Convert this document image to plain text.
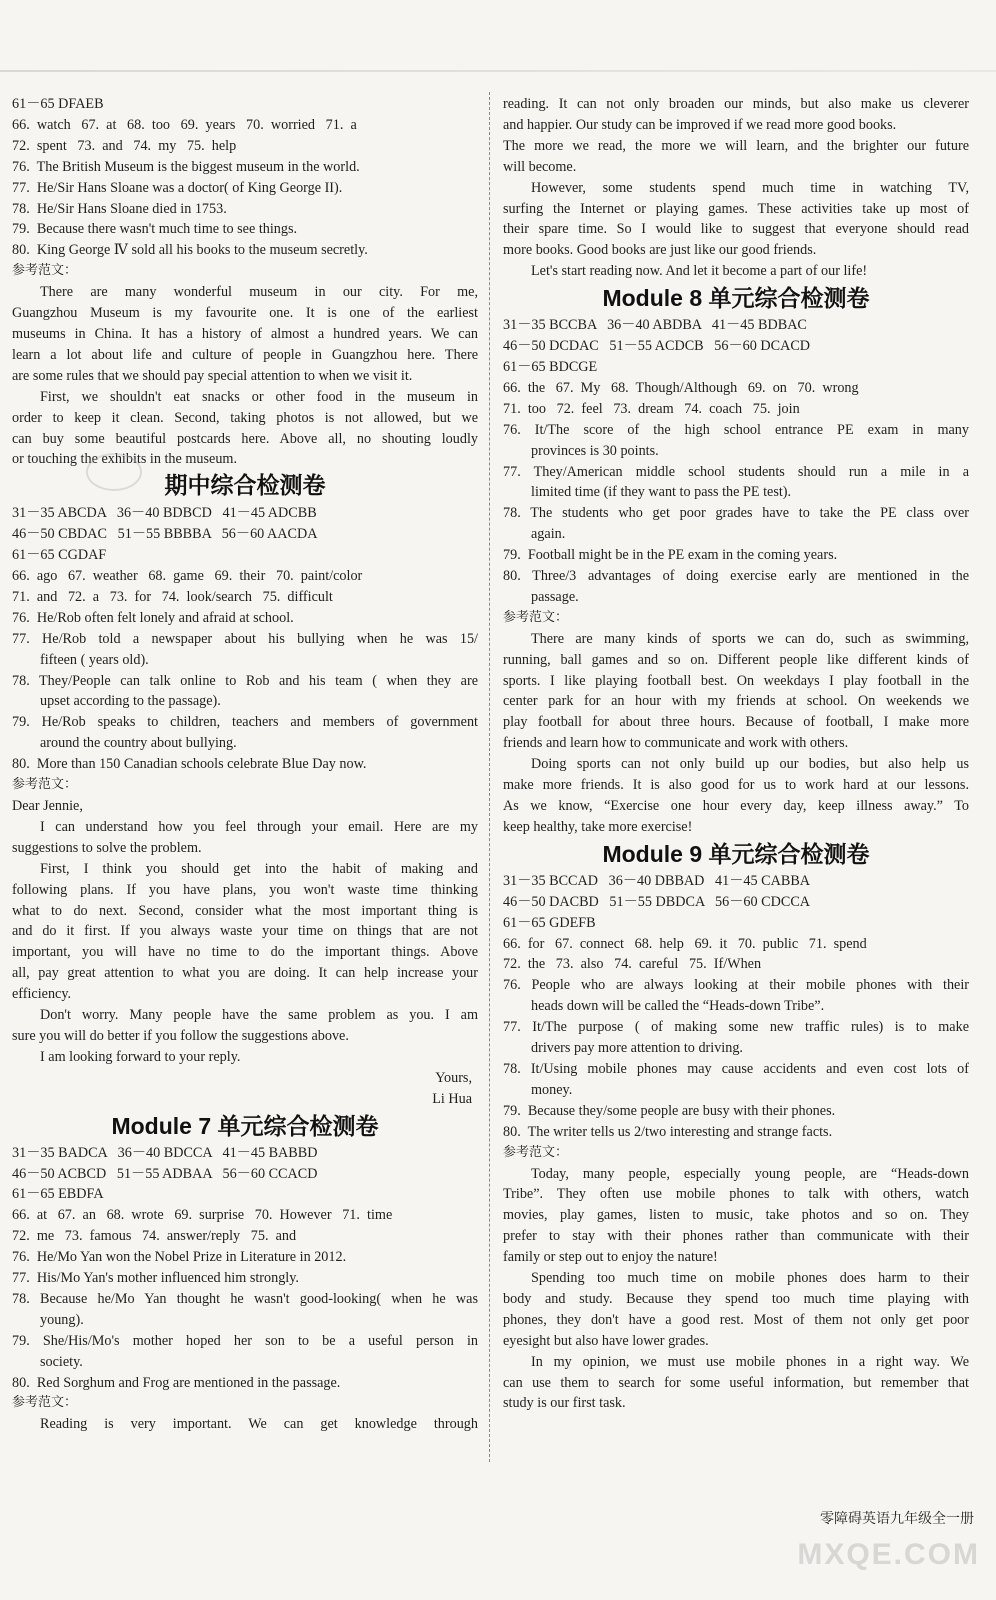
61－65 DFAEB
66.  watch   67.  at   68.  too   69.  years   70.  worried   71.  a
72.  spent   73.  and   74.  my   75.  help
76.  The British Museum is the biggest museum in the world.
77.  He/Sir Hans Sloane was a doctor( of King George II).
78.  He/Sir Hans Sloane died in 1753.
79.  Because there wasn't much time to see things.
80.  King George Ⅳ sold all his books to the museum secretly.
参考范文：
There are many wonderful museum in our city. For me,
Guangzhou Museum is my favourite one. It is one of the earliest
museums in China. It has a history of almost a hundred years. We can
learn a lot about life and culture of people in Guangzhou here. There
are some rules that we should pay special attention to when we visit it.
First, we shouldn't eat snacks or other food in the museum in
order to keep it clean. Second, taking photos is not allowed, but we
can buy some beautiful postcards here. Above all, no shouting loudly
or touching the exhibits in the museum.
期中综合检测卷
31－35 ABCDA   36－40 BDBCD   41－45 ADCBB
46－50 CBDAC   51－55 BBBBA   56－60 AACDA
61－65 CGDAF
66.  ago   67.  weather   68.  game   69.  their   70.  paint/color
71.  and   72.  a   73.  for   74.  look/search   75.  difficult
76.  He/Rob often felt lonely and afraid at school.
77. He/Rob told a newspaper about his bullying when he was 15/
fifteen ( years old).
78. They/People can talk online to Rob and his team ( when they are
upset according to the passage).
79. He/Rob speaks to children, teachers and members of government
around the country about bullying.
80.  More than 150 Canadian schools celebrate Blue Day now.
参考范文：
Dear Jennie,
I can understand how you feel through your email. Here are my
suggestions to solve the problem.
First, I think you should get into the habit of making and
following plans. If you have plans, you won't waste time thinking
what to do next. Second, consider what the most important thing is
and do it first. If you always waste your time on things that are not
important, you will have no time to do the important things. Above
all, pay great attention to what you are doing. It can help increase your
efficiency.
Don't worry. Many people have the same problem as you. I am
sure you will do better if you follow the suggestions above.
I am looking forward to your reply.
Yours,
Li Hua
Module 7 单元综合检测卷
31－35 BADCA   36－40 BDCCA   41－45 BABBD
46－50 ACBCD   51－55 ADBAA   56－60 CCACD
61－65 EBDFA
66.  at   67.  an   68.  wrote   69.  surprise   70.  However   71.  time
72.  me   73.  famous   74.  answer/reply   75.  and
76.  He/Mo Yan won the Nobel Prize in Literature in 2012.
77.  His/Mo Yan's mother influenced him strongly.
78. Because he/Mo Yan thought he wasn't good-looking( when he was
young).
79. She/His/Mo's mother hoped her son to be a useful person in
society.
80.  Red Sorghum and Frog are mentioned in the passage.
参考范文：
Reading is very important. We can get knowledge through
reading. It can not only broaden our minds, but also make us cleverer
and happier. Our study can be improved if we read more good books.
The more we read, the more we will learn, and the brighter our future
will become.
However, some students spend much time in watching TV,
surfing the Internet or playing games. These activities take up most of
their spare time. So I would like to suggest that everyone should read
more books. Good books are just like our good friends.
Let's start reading now. And let it become a part of our life!
Module 8 单元综合检测卷
31－35 BCCBA   36－40 ABDBA   41－45 BDBAC
46－50 DCDAC   51－55 ACDCB   56－60 DCACD
61－65 BDCGE
66.  the   67.  My   68.  Though/Although   69.  on   70.  wrong
71.  too   72.  feel   73.  dream   74.  coach   75.  join
76. It/The score of the high school entrance PE exam in many
provinces is 30 points.
77. They/American middle school students should run a mile in a
limited time (if they want to pass the PE test).
78. The students who get poor grades have to take the PE class over
again.
79.  Football might be in the PE exam in the coming years.
80. Three/3 advantages of doing exercise early are mentioned in the
passage.
参考范文：
There are many kinds of sports we can do, such as swimming,
running, ball games and so on. Different people like different kinds of
sports. I like playing football best. On weekdays I play football in the
center park for an hour with my friends at school. On weekends we
play football for about three hours. Because of football, I make more
friends and learn how to communicate and work with others.
Doing sports can not only build up our bodies, but also help us
make more friends. It is also good for us to work hard at our lessons.
As we know, “Exercise one hour every day, keep illness away.” To
keep healthy, take more exercise!
Module 9 单元综合检测卷
31－35 BCCAD   36－40 DBBAD   41－45 CABBA
46－50 DACBD   51－55 DBDCA   56－60 CDCCA
61－65 GDEFB
66.  for   67.  connect   68.  help   69.  it   70.  public   71.  spend
72.  the   73.  also   74.  careful   75.  If/When
76. People who are always looking at their mobile phones with their
heads down will be called the “Heads-down Tribe”.
77. It/The purpose ( of making some new traffic rules) is to make
drivers pay more attention to driving.
78. It/Using mobile phones may cause accidents and even cost lots of
money.
79.  Because they/some people are busy with their phones.
80.  The writer tells us 2/two interesting and strange facts.
参考范文：
Today, many people, especially young people, are “Heads-down
Tribe”. They often use mobile phones to talk with others, watch
movies, play games, listen to music, take photos and so on. They
prefer to stay with their phones rather than communicate with their
family or step out to enjoy the nature!
Spending too much time on mobile phones does harm to their
body and study. Because they spend too much time playing with
phones, they don't have a good rest. Most of them not only get poor
eyesight but also have lower grades.
In my opinion, we must use mobile phones in a right way. We
can use them to search for some useful information, but remember that
study is our first task.
零障碍英语九年级全一册
MXQE.COM
